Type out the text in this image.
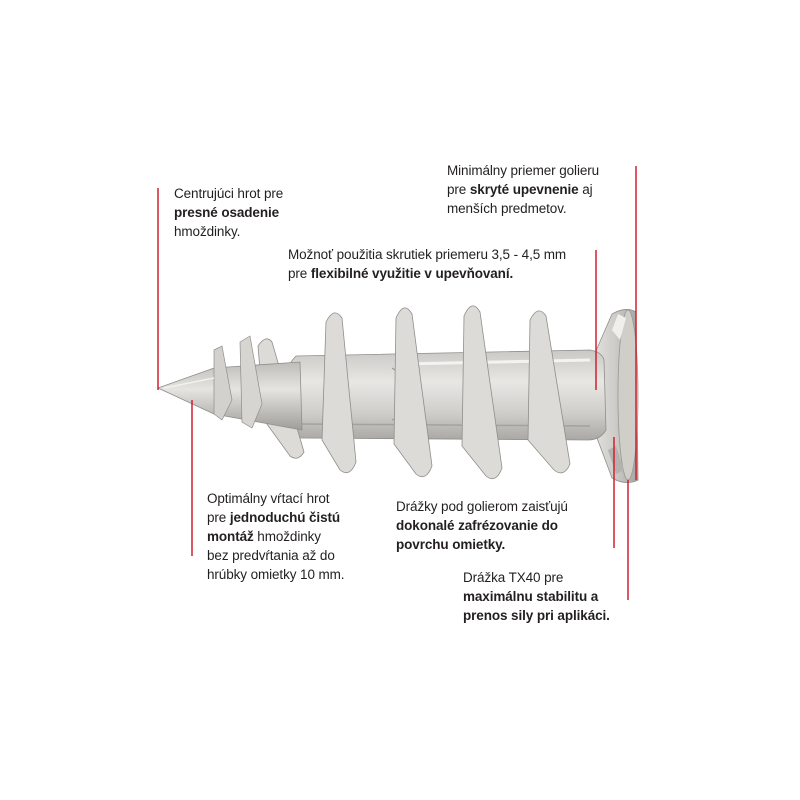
Centrujúci hrot pre
presné osadenie
hmoždinky.
Minimálny priemer golieru
pre skryté upevnenie aj
menších predmetov.
Možnoť použitia skrutiek priemeru 3,5 - 4,5 mm
pre flexibilné využitie v upevňovaní.
Optimálny vŕtací hrot
pre jednoduchú čistú
montáž hmoždinky
bez predvŕtania až do
hrúbky omietky 10 mm.
Drážky pod golierom zaisťujú
dokonalé zafrézovanie do
povrchu omietky.
Drážka TX40 pre
maximálnu stabilitu a
prenos sily pri aplikáci.
